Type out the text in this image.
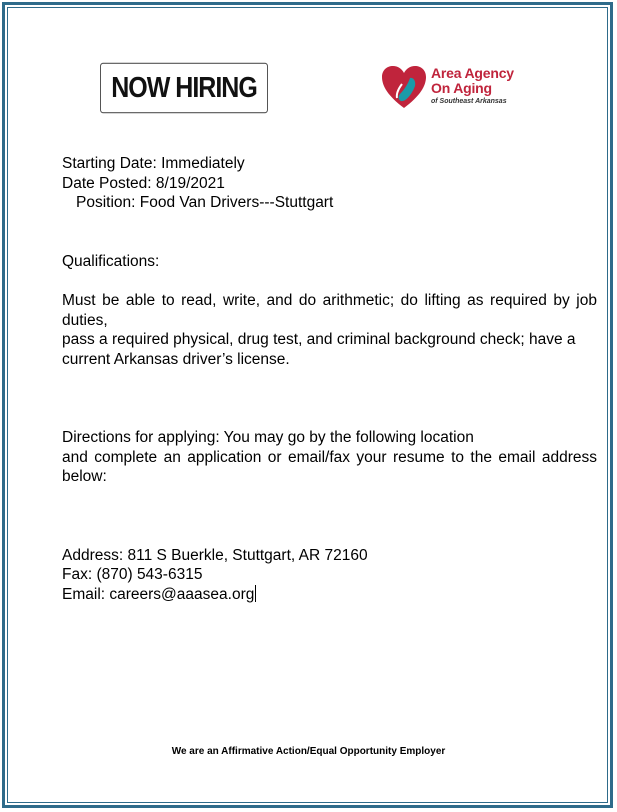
NOW HIRING	Area Agency
On Aging
of Southeast Arkansas

Starting Date: Immediately

Date Posted: 8/19/2021

Position: Food Van Drivers---Stuttgart

Qualifications:

Must be able to read, write, and do arithmetic; do lifting as required by job duties,

pass a required physical, drug test, and criminal background check; have a

current Arkansas driver’s license.

Directions for applying: You may go by the following location

and complete an application or email/fax your resume to the email address below:

Address: 811 S Buerkle, Stuttgart, AR 72160

Fax: (870) 543-6315

Email: careers@aaasea.org

We are an Affirmative Action/Equal Opportunity Employer
